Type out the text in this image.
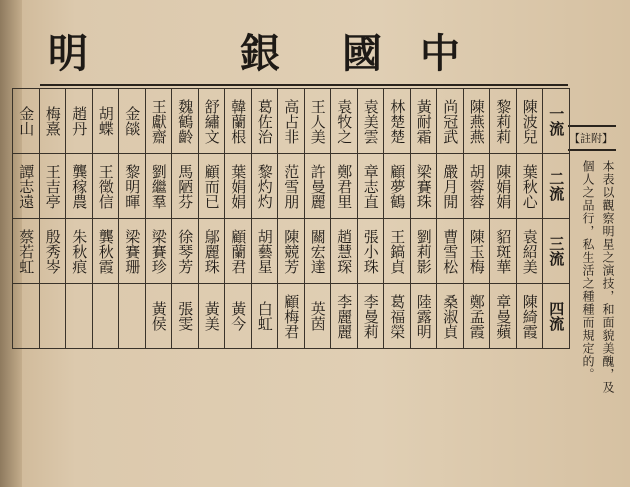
中
國
銀
明
【註附】
本表以觀察明星之演技，和面貌美醜，及
個人之品行，私生活之種種而規定的。
一流	陳波兒	黎莉莉	陳燕燕	尚冠武	黃耐霜	林楚楚	袁美雲	袁牧之	王人美	高占非	葛佐治	韓蘭根	舒繡文	魏鶴齡	王獻齋	金燄	胡蝶	趙丹	梅熹	金山

二流	葉秋心	陳娟娟	胡蓉蓉	嚴月閒	梁賽珠	顧夢鶴	章志直	鄭君里	許曼麗	范雪朋	黎灼灼	葉娟娟	顧而已	馬陋芬	劉繼羣	黎明暉	王徵信	龔稼農	王吉亭	譚志遠

三流	袁紹美	貂斑華	陳玉梅	曹雪松	劉莉影	王鎬貞	張小珠	趙慧琛	關宏達	陳競芳	胡藝星	顧蘭君	鄔麗珠	徐琴芳	梁賽珍	梁賽珊	龔秋霞	朱秋痕	殷秀岑	蔡若虹

四流	陳綺霞	章曼蘋	鄭孟霞	桑淑貞	陸露明	葛福榮	李曼莉	李麗麗	英茵	顧梅君	白虹	黃今	黃美	張雯	黃侯					
